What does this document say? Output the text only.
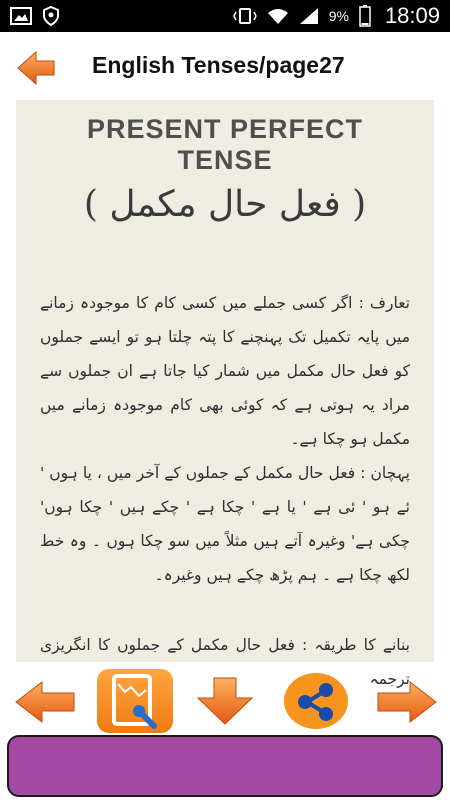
9% 18:09
English Tenses/page27
PRESENT PERFECT
TENSE
( فعل حال مکمل )
تعارف : اگر کسی جملے میں کسی کام کا موجودہ زمانے میں پایہ تکمیل تک پہنچنے کا پتہ چلتا ہو تو ایسے جملوں کو فعل حال مکمل میں شمار کیا جاتا ہے ان جملوں سے مراد یہ ہوتی ہے کہ کوئی بھی کام موجودہ زمانے میں مکمل ہو چکا ہے۔
پہچان : فعل حال مکمل کے جملوں کے آخر میں ، یا ہوں ' ئے ہو ' ئی ہے ' یا ہے ' چکا ہے ' چکے ہیں ' چکا ہوں' چکی ہے' وغیرہ آتے ہیں مثلاً میں سو چکا ہوں ۔ وہ خط لکھ چکا ہے ۔ ہم پڑھ چکے ہیں وغیرہ۔
بنانے کا طریقہ : فعل حال مکمل کے جملوں کا انگریزی ترجمہ
